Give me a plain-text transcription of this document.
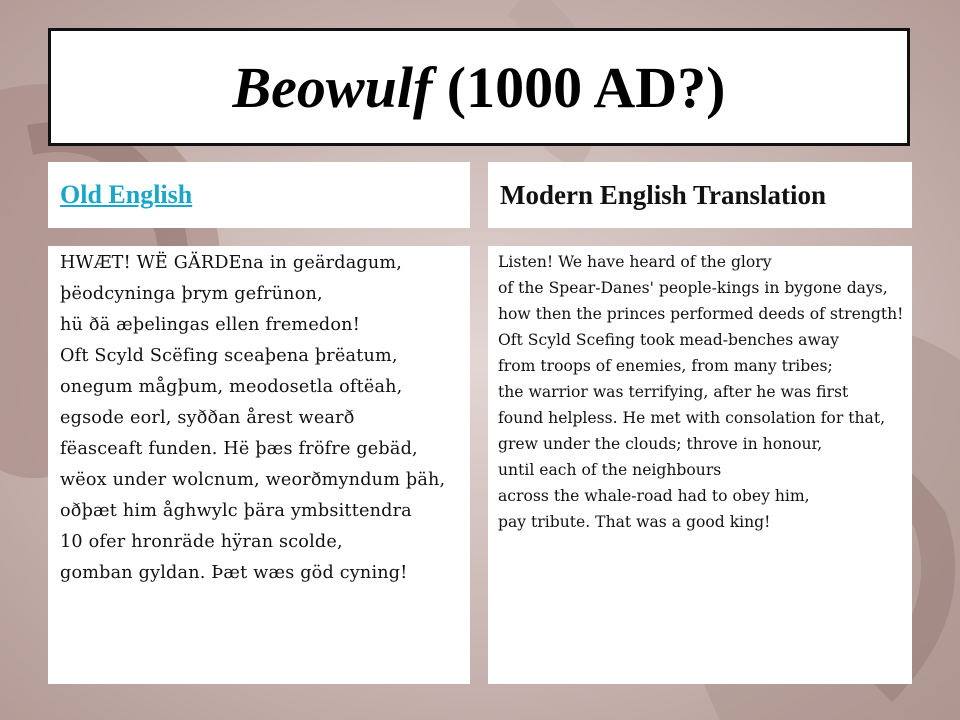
Beowulf (1000 AD?)
Old English	Modern English Translation
HWÆT! WË GÄRDEna in geärdagum,
þëodcyninga þrym gefrünon,
hü ðä æþelingas ellen fremedon!
Oft Scyld Scëfing sceaþena þrëatum,
onegum mågþum, meodosetla oftëah,
egsode eorl, syððan årest wearð
fëasceaft funden. Hë þæs fröfre gebäd,
wëox under wolcnum, weorðmyndum þäh,
oðþæt him åghwylc þära ymbsittendra
10 ofer hronräde hÿran scolde,
gomban gyldan. Þæt wæs göd cyning!
Listen! We have heard of the glory
of the Spear-Danes' people-kings in bygone days,
how then the princes performed deeds of strength!
Oft Scyld Scefing took mead-benches away
from troops of enemies, from many tribes;
the warrior was terrifying, after he was first
found helpless. He met with consolation for that,
grew under the clouds; throve in honour,
until each of the neighbours
across the whale-road had to obey him,
pay tribute. That was a good king!
